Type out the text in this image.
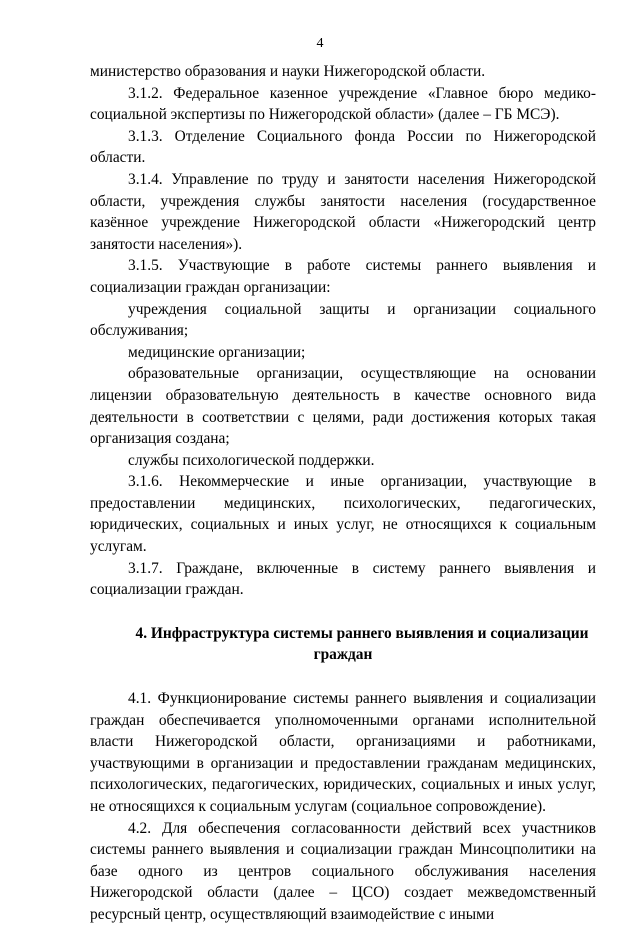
4

министерство образования и науки Нижегородской области.

3.1.2. Федеральное казенное учреждение «Главное бюро медико-социальной экспертизы по Нижегородской области» (далее – ГБ МСЭ).

3.1.3. Отделение Социального фонда России по Нижегородской области.

3.1.4. Управление по труду и занятости населения Нижегородской области, учреждения службы занятости населения (государственное казённое учреждение Нижегородской области «Нижегородский центр занятости населения»).

3.1.5. Участвующие в работе системы раннего выявления и социализации граждан организации:

учреждения социальной защиты и организации социального обслуживания;

медицинские организации;

образовательные организации, осуществляющие на основании лицензии образовательную деятельность в качестве основного вида деятельности в соответствии с целями, ради достижения которых такая организация создана;

службы психологической поддержки.

3.1.6. Некоммерческие и иные организации, участвующие в предоставлении медицинских, психологических, педагогических, юридических, социальных и иных услуг, не относящихся к социальным услугам.

3.1.7. Граждане, включенные в систему раннего выявления и социализации граждан.

4. Инфраструктура системы раннего выявления и социализации граждан

4.1. Функционирование системы раннего выявления и социализации граждан обеспечивается уполномоченными органами исполнительной власти Нижегородской области, организациями и работниками, участвующими в организации и предоставлении гражданам медицинских, психологических, педагогических, юридических, социальных и иных услуг, не относящихся к социальным услугам (социальное сопровождение).

4.2. Для обеспечения согласованности действий всех участников системы раннего выявления и социализации граждан Минсоцполитики на базе одного из центров социального обслуживания населения Нижегородской области (далее – ЦСО) создает межведомственный ресурсный центр, осуществляющий взаимодействие с иными
